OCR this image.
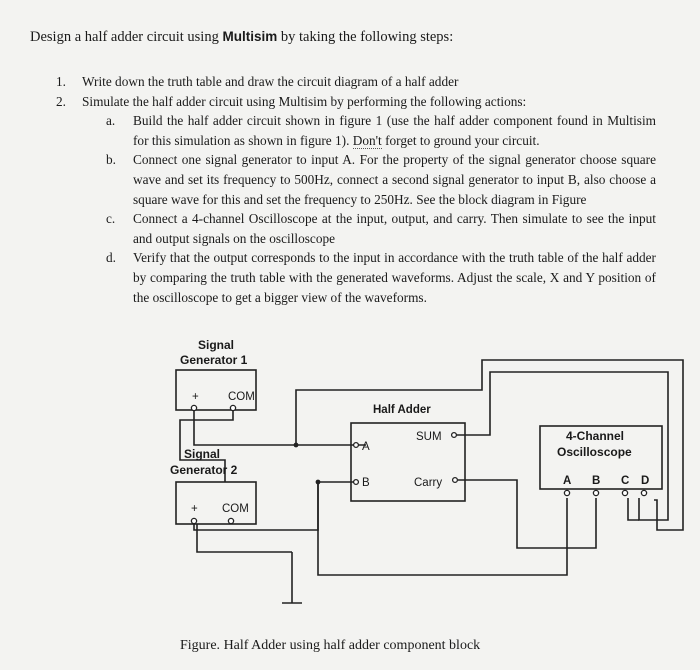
Design a half adder circuit using Multisim by taking the following steps:
1. Write down the truth table and draw the circuit diagram of a half adder
2. Simulate the half adder circuit using Multisim by performing the following actions:
a. Build the half adder circuit shown in figure 1 (use the half adder component found in Multisim for this simulation as shown in figure 1). Don't forget to ground your circuit.

b. Connect one signal generator to input A. For the property of the signal generator choose square wave and set its frequency to 500Hz, connect a second signal generator to input B, also choose a square wave for this and set the frequency to 250Hz. See the block diagram in Figure

c. Connect a 4-channel Oscilloscope at the input, output, and carry. Then simulate to see the input and output signals on the oscilloscope

d. Verify that the output corresponds to the input in accordance with the truth table of the half adder by comparing the truth table with the generated waveforms. Adjust the scale, X and Y position of the oscilloscope to get a bigger view of the waveforms.

Signal
Generator 1
Signal
Generator 2
4-Channel
Oscilloscope
+	COM
+ COM
Half Adder
SUM
A
B	Carry	A B C D
Figure. Half Adder using half adder component block
